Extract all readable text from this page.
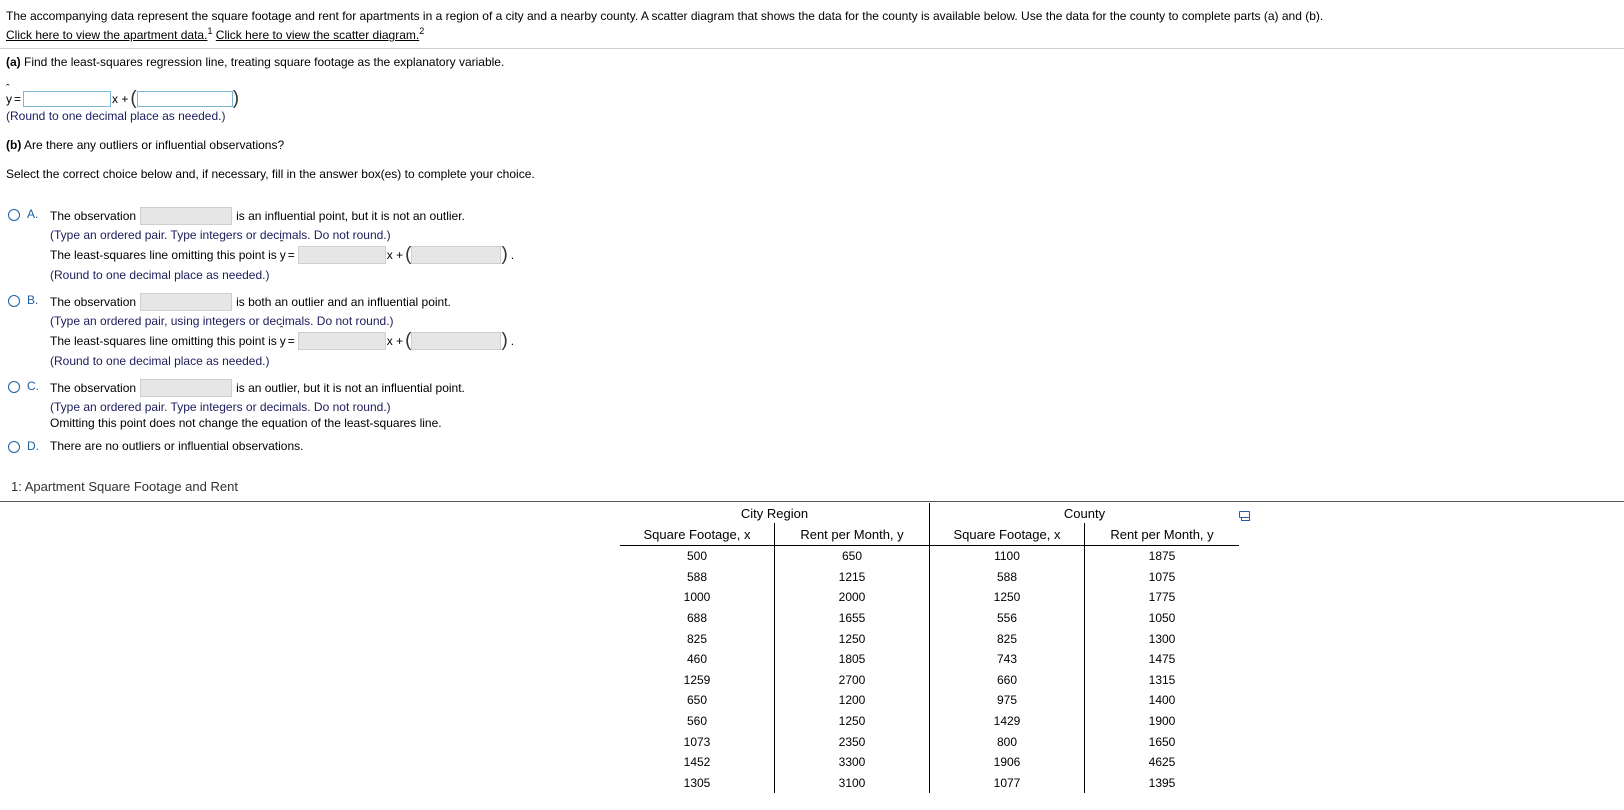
The accompanying data represent the square footage and rent for apartments in a region of a city and a nearby county. A scatter diagram that shows the data for the county is available below. Use the data for the county to complete parts (a) and (b).
Click here to view the apartment data.$^1$ Click here to view the scatter diagram.$^2$
(a) Find the least-squares regression line, treating square footage as the explanatory variable.
ˆ y =	x + (	)
(Round to one decimal place as needed.)
(b) Are there any outliers or influential observations?
Select the correct choice below and, if necessary, fill in the answer box(es) to complete your choice.
A. The observation	is an influential point, but it is not an outlier.
(Type an ordered pair. Type integers or decimals. Do not round.)
The least-squares line omitting this point is ˆ y =	x + (	) .
(Round to one decimal place as needed.)
B. The observation	is both an outlier and an influential point.
(Type an ordered pair, using integers or decimals. Do not round.)
The least-squares line omitting this point is ˆ y =	x + (	) .
(Round to one decimal place as needed.)
C. The observation	is an outlier, but it is not an influential point.
(Type an ordered pair. Type integers or decimals. Do not round.)
Omitting this point does not change the equation of the least-squares line.
D. There are no outliers or influential observations.
1: Apartment Square Footage and Rent
City Region		County	
Square Footage, x	Rent per Month, y	Square Footage, x	Rent per Month, y
500	650	1100	1875
588	1215	588	1075
1000	2000	1250	1775
688	1655	556	1050
825	1250	825	1300
460	1805	743	1475
1259	2700	660	1315
650	1200	975	1400
560	1250	1429	1900
1073	2350	800	1650
1452	3300	1906	4625
1305	3100	1077	1395
